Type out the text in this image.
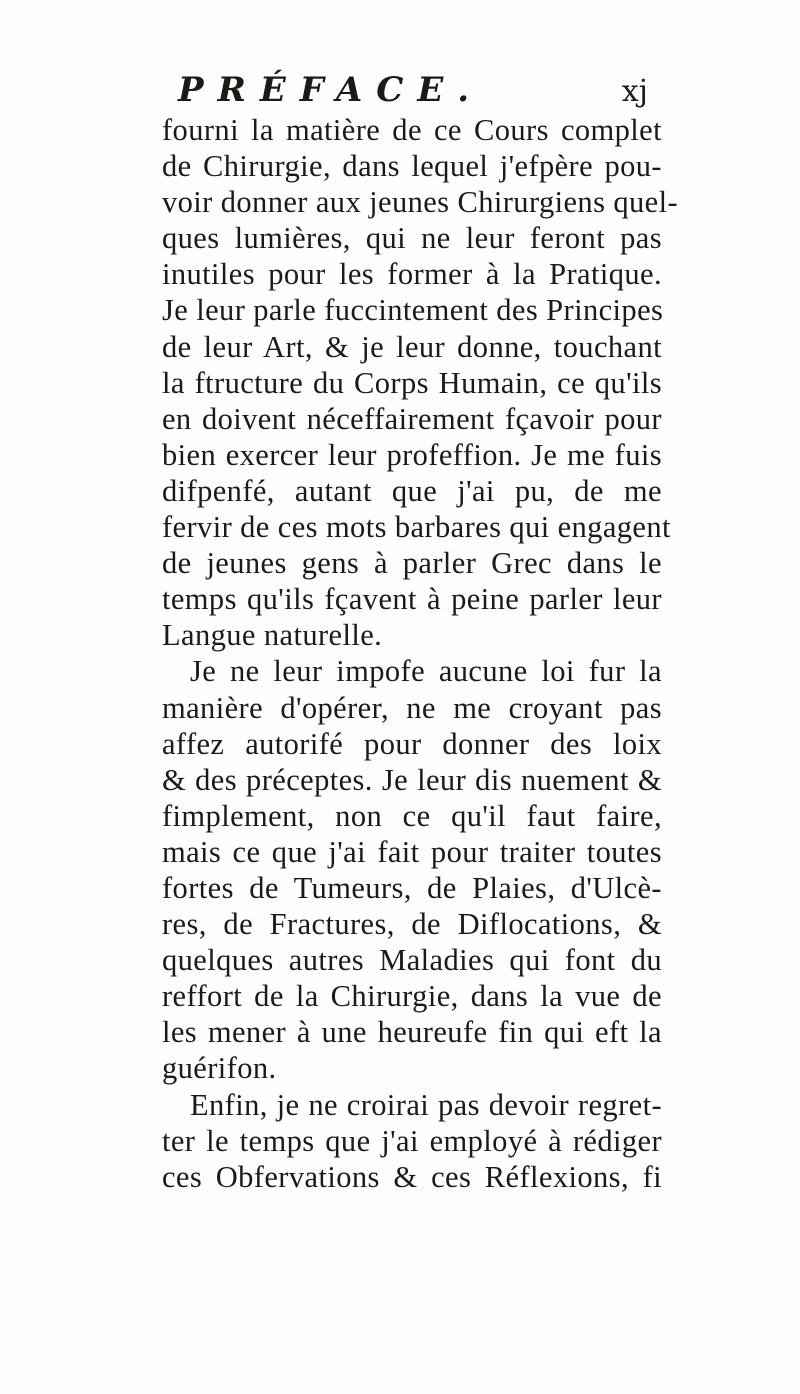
PRÉFACE.	xj
fourni la matière de ce Cours complet
de Chirurgie, dans lequel j'efpère pou-
voir donner aux jeunes Chirurgiens quel-
ques lumières, qui ne leur feront pas
inutiles pour les former à la Pratique.
Je leur parle fuccintement des Principes
de leur Art, & je leur donne, touchant
la ftructure du Corps Humain, ce qu'ils
en doivent néceffairement fçavoir pour
bien exercer leur profeffion. Je me fuis
difpenfé, autant que j'ai pu, de me
fervir de ces mots barbares qui engagent
de jeunes gens à parler Grec dans le
temps qu'ils fçavent à peine parler leur
Langue naturelle.
Je ne leur impofe aucune loi fur la
manière d'opérer, ne me croyant pas
affez autorifé pour donner des loix
& des préceptes. Je leur dis nuement &
fimplement, non ce qu'il faut faire,
mais ce que j'ai fait pour traiter toutes
fortes de Tumeurs, de Plaies, d'Ulcè-
res, de Fractures, de Diflocations, &
quelques autres Maladies qui font du
reffort de la Chirurgie, dans la vue de
les mener à une heureufe fin qui eft la
guérifon.
Enfin, je ne croirai pas devoir regret-
ter le temps que j'ai employé à rédiger
ces Obfervations & ces Réflexions, fi
